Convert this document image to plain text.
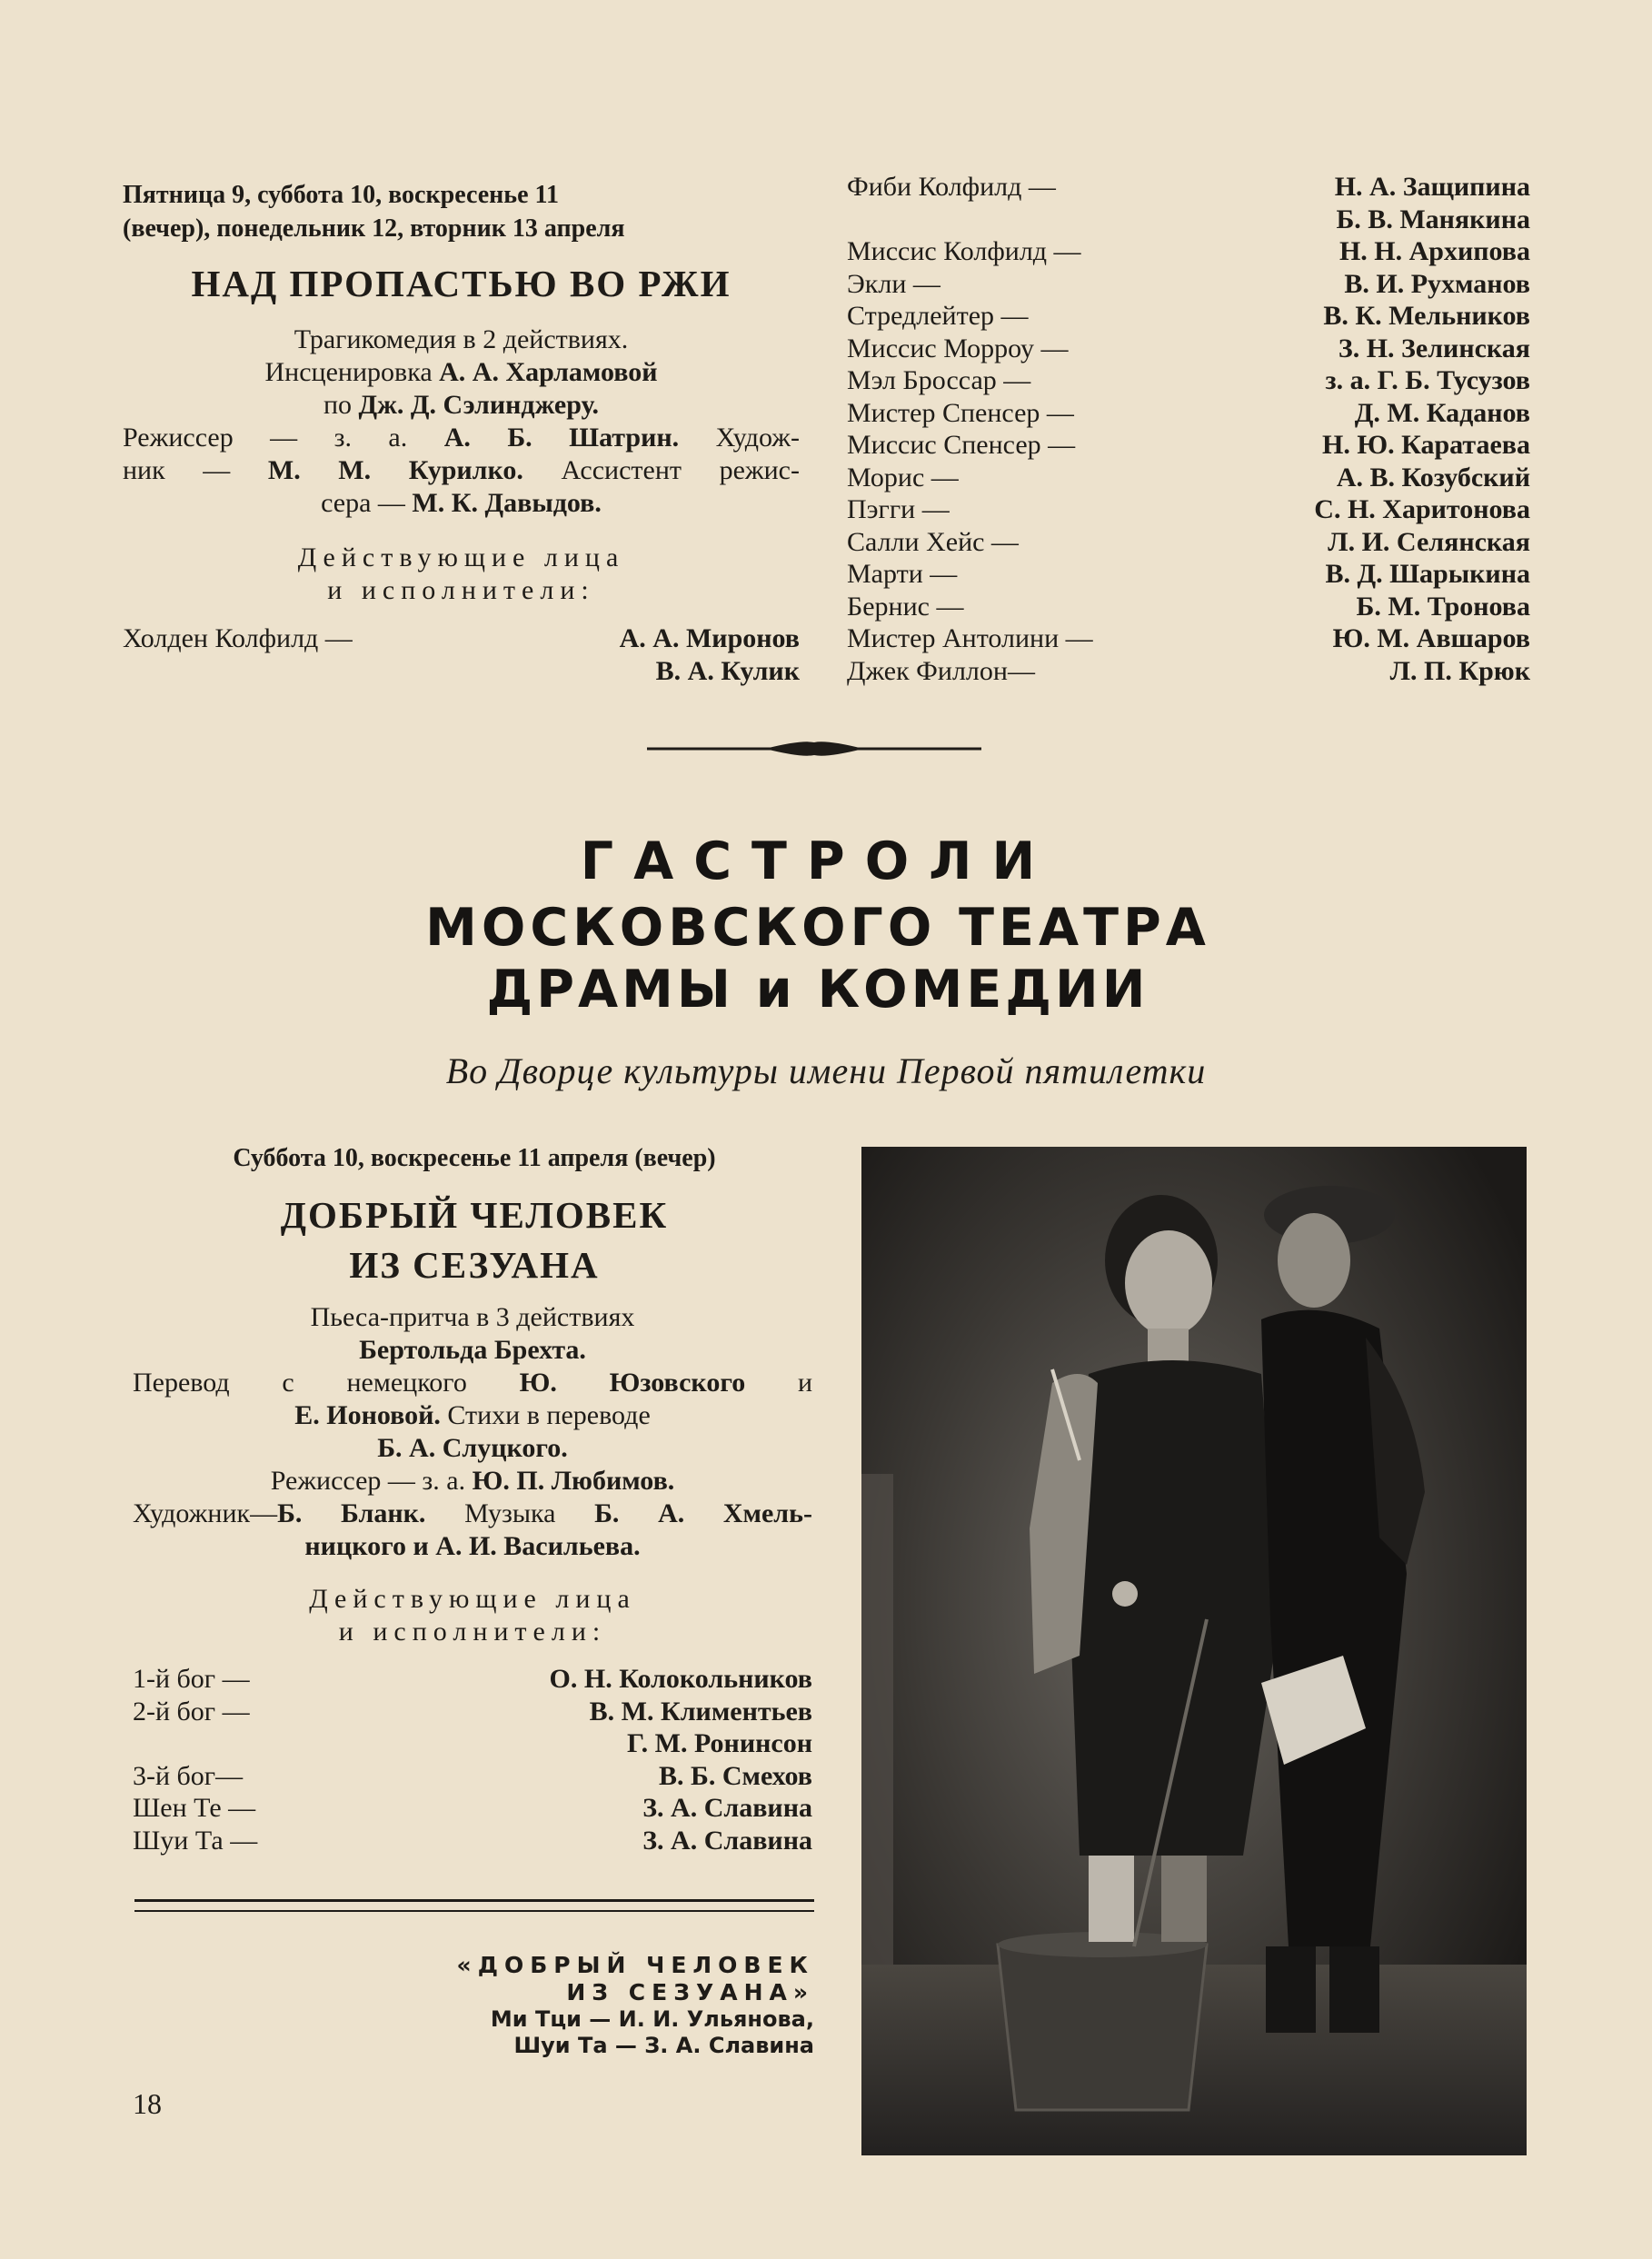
Пятница 9, суббота 10, воскресенье 11
(вечер), понедельник 12, вторник 13 апреля
НАД ПРОПАСТЬЮ ВО РЖИ
Трагикомедия в 2 действиях.
Инсценировка А. А. Харламовой
по Дж. Д. Сэлинджеру.
Режиссер — з. а. А. Б. Шатрин. Худож-
ник — М. М. Курилко. Ассистент режис-
сера — М. К. Давыдов.
Действующие лица
и исполнители:
Холден Колфилд —	А. А. Миронов
В. А. Кулик
Фиби Колфилд —	Н. А. Защипина
Б. В. Манякина
Миссис Колфилд —	Н. Н. Архипова
Экли —	В. И. Рухманов
Стредлейтер —	В. К. Мельников
Миссис Морроу —	З. Н. Зелинская
Мэл Броссар —	з. а. Г. Б. Тусузов
Мистер Спенсер —	Д. М. Каданов
Миссис Спенсер —	Н. Ю. Каратаева
Морис —	А. В. Козубский
Пэгги —	С. Н. Харитонова
Салли Хейс —	Л. И. Селянская
Марти —	В. Д. Шарыкина
Бернис —	Б. М. Тронова
Мистер Антолини —	Ю. М. Авшаров
Джек Филлон—	Л. П. Крюк
ГАСТРОЛИ
МОСКОВСКОГО ТЕАТРА
ДРАМЫ и КОМЕДИИ
Во Дворце культуры имени Первой пятилетки
Суббота 10, воскресенье 11 апреля (вечер)
ДОБРЫЙ ЧЕЛОВЕК
ИЗ СЕЗУАНА
Пьеса-притча в 3 действиях
Бертольда Брехта.
Перевод с немецкого Ю. Юзовского и
Е. Ионовой. Стихи в переводе
Б. А. Слуцкого.
Режиссер — з. а. Ю. П. Любимов.
Художник—Б. Бланк. Музыка Б. А. Хмель-
ницкого и А. И. Васильева.
Действующие лица
и исполнители:
1-й бог —	О. Н. Колокольников
2-й бог —	В. М. Климентьев
Г. М. Ронинсон
3-й бог—	В. Б. Смехов
Шен Те —	З. А. Славина
Шуи Та —	З. А. Славина
«ДОБРЫЙ ЧЕЛОВЕК
ИЗ СЕЗУАНА»
Ми Тци — И. И. Ульянова,
Шуи Та — З. А. Славина
18
